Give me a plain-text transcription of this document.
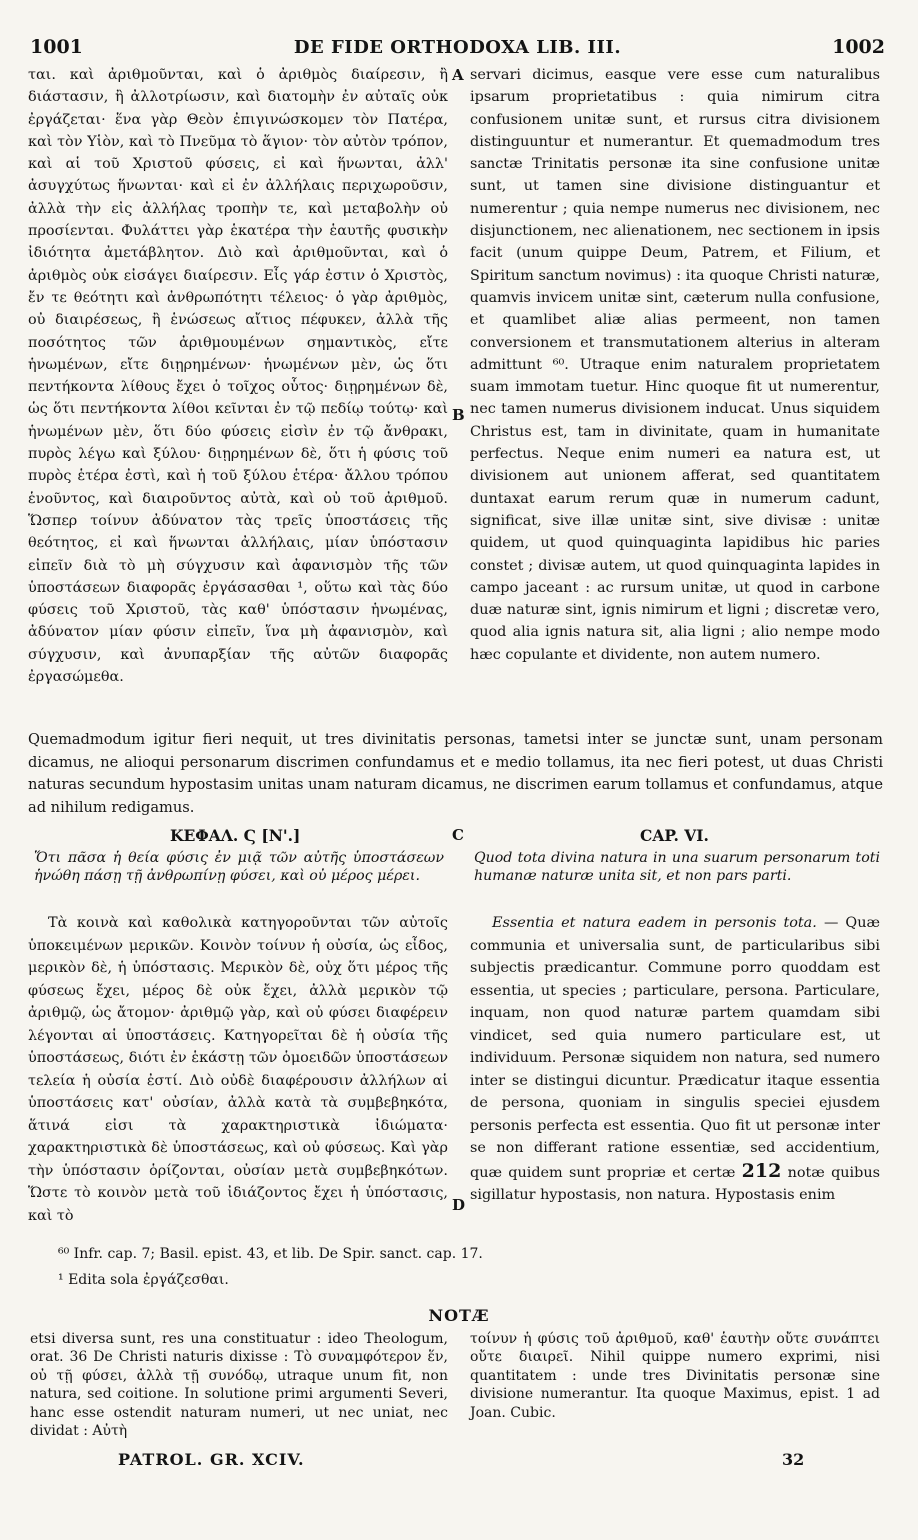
1001	DE FIDE ORTHODOXA LIB. III.	1002
ται. καὶ ἀριθμοῦνται, καὶ ὁ ἀριθμὸς διαίρεσιν, ἢ διάστασιν, ἢ ἀλλοτρίωσιν, καὶ διατομὴν ἐν αὐταῖς οὐκ ἐργάζεται· ἕνα γὰρ Θεὸν ἐπιγινώσκομεν τὸν Πατέρα, καὶ τὸν Υἱὸν, καὶ τὸ Πνεῦμα τὸ ἅγιον· τὸν αὐτὸν τρόπον, καὶ αἱ τοῦ Χριστοῦ φύσεις, εἰ καὶ ἥνωνται, ἀλλ' ἀσυγχύτως ἥνωνται· καὶ εἰ ἐν ἀλλήλαις περιχωροῦσιν, ἀλλὰ τὴν εἰς ἀλλήλας τροπὴν τε, καὶ μεταβολὴν οὐ προσίενται. Φυλάττει γὰρ ἑκατέρα τὴν ἑαυτῆς φυσικὴν ἰδιότητα ἀμετάβλητον. Διὸ καὶ ἀριθμοῦνται, καὶ ὁ ἀριθμὸς οὐκ εἰσάγει διαίρεσιν. Εἷς γάρ ἐστιν ὁ Χριστὸς, ἔν τε θεότητι καὶ ἀνθρωπότητι τέλειος· ὁ γὰρ ἀριθμὸς, οὐ διαιρέσεως, ἢ ἑνώσεως αἴτιος πέφυκεν, ἀλλὰ τῆς ποσότητος τῶν ἀριθμουμένων σημαντικὸς, εἴτε ἡνωμένων, εἴτε διῃρημένων· ἡνωμένων μὲν, ὡς ὅτι πεντήκοντα λίθους ἔχει ὁ τοῖχος οὗτος· διῃρημένων δὲ, ὡς ὅτι πεντήκοντα λίθοι κεῖνται ἐν τῷ πεδίῳ τούτῳ· καὶ ἡνωμένων μὲν, ὅτι δύο φύσεις εἰσὶν ἐν τῷ ἄνθρακι, πυρὸς λέγω καὶ ξύλου· διῃρημένων δὲ, ὅτι ἡ φύσις τοῦ πυρὸς ἑτέρα ἐστὶ, καὶ ἡ τοῦ ξύλου ἑτέρα· ἄλλου τρόπου ἑνοῦντος, καὶ διαιροῦντος αὐτὰ, καὶ οὐ τοῦ ἀριθμοῦ. Ὥσπερ τοίνυν ἀδύνατον τὰς τρεῖς ὑποστάσεις τῆς θεότητος, εἰ καὶ ἥνωνται ἀλλήλαις, μίαν ὑπόστασιν εἰπεῖν διὰ τὸ μὴ σύγχυσιν καὶ ἀφανισμὸν τῆς τῶν ὑποστάσεων διαφορᾶς ἐργάσασθαι ¹, οὕτω καὶ τὰς δύο φύσεις τοῦ Χριστοῦ, τὰς καθ' ὑπόστασιν ἡνωμένας, ἀδύνατον μίαν φύσιν εἰπεῖν, ἵνα μὴ ἀφανισμὸν, καὶ σύγχυσιν, καὶ ἀνυπαρξίαν τῆς αὐτῶν διαφορᾶς ἐργασώμεθα.
A servari dicimus, easque vere esse cum naturalibus ipsarum proprietatibus : quia nimirum citra confusionem unitæ sunt, et rursus citra divisionem distinguuntur et numerantur. Et quemadmodum tres sanctæ Trinitatis personæ ita sine confusione unitæ sunt, ut tamen sine divisione distinguantur et numerentur ; quia nempe numerus nec divisionem, nec disjunctionem, nec alienationem, nec sectionem in ipsis facit (unum quippe Deum, Patrem, et Filium, et Spiritum sanctum novimus) : ita quoque Christi naturæ, quamvis invicem unitæ sint, cæterum nulla confusione, et quamlibet aliæ alias permeent, non tamen conversionem et transmutationem alterius in alteram admittunt ⁶⁰. Utraque enim naturalem proprietatem suam immotam tuetur. Hinc quoque fit ut numerentur, nec tamen numerus divisionem inducat. Unus siquidem Christus est, tam in divinitate, quam in humanitate perfectus. Neque enim numeri ea natura est, ut divisionem aut unionem afferat, sed quantitatem duntaxat earum rerum quæ in numerum cadunt, significat, sive illæ unitæ sint, sive divisæ : unitæ quidem, ut quod quinquaginta lapidibus hic paries constet ; divisæ autem, ut quod quinquaginta lapides in campo jaceant : ac rursum unitæ, ut quod in carbone duæ naturæ sint, ignis nimirum et ligni ; discretæ vero, quod alia ignis natura sit, alia ligni ; alio nempe modo hæc copulante et dividente, non autem numero.
B
Quemadmodum igitur fieri nequit, ut tres divinitatis personas, tametsi inter se junctæ sunt, unam personam dicamus, ne alioqui personarum discrimen confundamus et e medio tollamus, ita nec fieri potest, ut duas Christi naturas secundum hypostasim unitas unam naturam dicamus, ne discrimen earum tollamus et confundamus, atque ad nihilum redigamus.
ΚΕΦΑΛ. Ϛ [Ν'.]	C	CAP. VI.
Ὅτι πᾶσα ἡ θεία φύσις ἐν μιᾷ τῶν αὐτῆς ὑποστάσεων ἡνώθη πάσῃ τῇ ἀνθρωπίνῃ φύσει, καὶ οὐ μέρος μέρει.
Quod tota divina natura in una suarum personarum toti humanæ naturæ unita sit, et non pars parti.
Τὰ κοινὰ καὶ καθολικὰ κατηγοροῦνται τῶν αὐτοῖς ὑποκειμένων μερικῶν. Κοινὸν τοίνυν ἡ οὐσία, ὡς εἶδος, μερικὸν δὲ, ἡ ὑπόστασις. Μερικὸν δὲ, οὐχ ὅτι μέρος τῆς φύσεως ἔχει, μέρος δὲ οὐκ ἔχει, ἀλλὰ μερικὸν τῷ ἀριθμῷ, ὡς ἄτομον· ἀριθμῷ γὰρ, καὶ οὐ φύσει διαφέρειν λέγονται αἱ ὑποστάσεις. Κατηγορεῖται δὲ ἡ οὐσία τῆς ὑποστάσεως, διότι ἐν ἑκάστῃ τῶν ὁμοειδῶν ὑποστάσεων τελεία ἡ οὐσία ἐστί. Διὸ οὐδὲ διαφέρουσιν ἀλλήλων αἱ ὑποστάσεις κατ' οὐσίαν, ἀλλὰ κατὰ τὰ συμβεβηκότα, ἅτινά εἰσι τὰ χαρακτηριστικὰ ἰδιώματα· χαρακτηριστικὰ δὲ ὑποστάσεως, καὶ οὐ φύσεως. Καὶ γὰρ τὴν ὑπόστασιν ὁρίζονται, οὐσίαν μετὰ συμβεβηκότων. Ὥστε τὸ κοινὸν μετὰ τοῦ ἰδιάζοντος ἔχει ἡ ὑπόστασις, καὶ τὸ
D
Essentia et natura eadem in personis tota. — Quæ communia et universalia sunt, de particularibus sibi subjectis prædicantur. Commune porro quoddam est essentia, ut species ; particulare, persona. Particulare, inquam, non quod naturæ partem quamdam sibi vindicet, sed quia numero particulare est, ut individuum. Personæ siquidem non natura, sed numero inter se distingui dicuntur. Prædicatur itaque essentia de persona, quoniam in singulis speciei ejusdem personis perfecta est essentia. Quo fit ut personæ inter se non differant ratione essentiæ, sed accidentium, quæ quidem sunt propriæ et certæ 212 notæ quibus sigillatur hypostasis, non natura. Hypostasis enim
⁶⁰ Infr. cap. 7; Basil. epist. 43, et lib. De Spir. sanct. cap. 17.
¹ Edita sola ἐργάζεσθαι.
NOTÆ
etsi diversa sunt, res una constituatur : ideo Theologum, orat. 36 De Christi naturis dixisse : Τὸ συναμφότερον ἕν, οὐ τῇ φύσει, ἀλλὰ τῇ συνόδῳ, utraque unum fit, non natura, sed coitione. In solutione primi argumenti Severi, hanc esse ostendit naturam numeri, ut nec uniat, nec dividat : Αὐτὴ
τοίνυν ἡ φύσις τοῦ ἀριθμοῦ, καθ' ἑαυτὴν οὔτε συνάπτει οὔτε διαιρεῖ. Nihil quippe numero exprimi, nisi quantitatem : unde tres Divinitatis personæ sine divisione numerantur. Ita quoque Maximus, epist. 1 ad Joan. Cubic.
PATROL. GR. XCIV.	32
